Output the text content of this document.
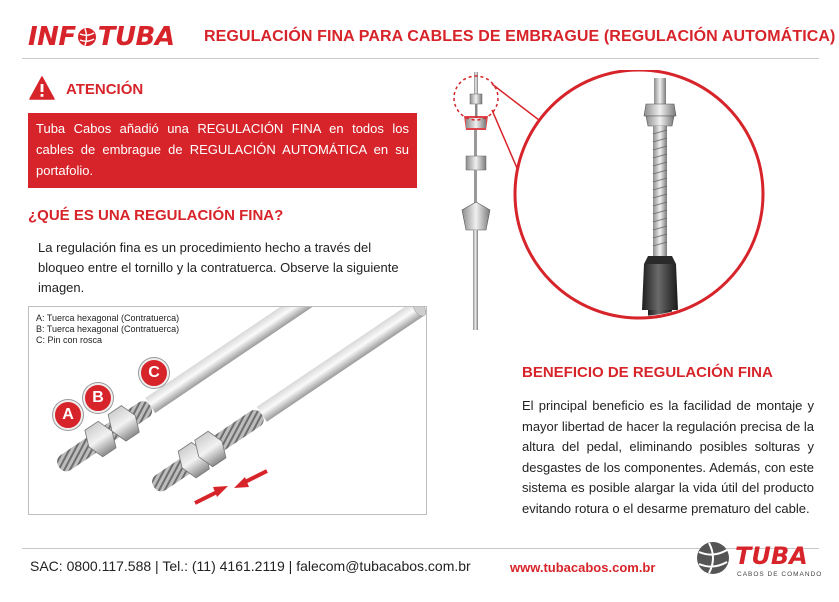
INF TUBA REGULACIÓN FINA PARA CABLES DE EMBRAGUE (REGULACIÓN AUTOMÁTICA)
ATENCIÓN
Tuba Cabos añadió una REGULACIÓN FINA en todos los cables de embrague de REGULACIÓN AUTOMÁTICA en su portafolio.
¿QUÉ ES UNA REGULACIÓN FINA?
La regulación fina es un procedimiento hecho a través del bloqueo entre el tornillo y la contratuerca. Observe la siguiente imagen.
A: Tuerca hexagonal (Contratuerca)
B: Tuerca hexagonal (Contratuerca)
C: Pin con rosca
A
B
C	BENEFICIO DE REGULACIÓN FINA
El principal beneficio es la facilidad de montaje y mayor libertad de hacer la regulación precisa de la altura del pedal, eliminando posibles solturas y desgastes de los componentes. Además, con este sistema es posible alargar la vida útil del producto evitando rotura o el desarme prematuro del cable.
SAC: 0800.117.588 | Tel.: (11) 4161.2119 | falecom@tubacabos.com.br	www.tubacabos.com.br	TUBA
CABOS DE COMANDO
